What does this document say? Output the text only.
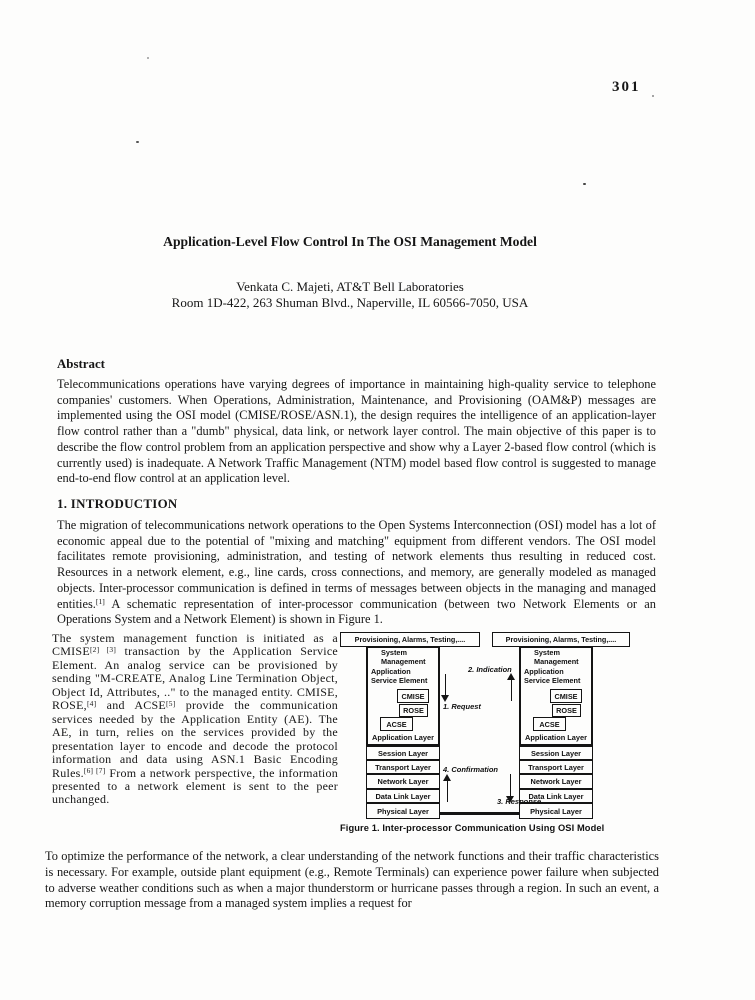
301
Application-Level Flow Control In The OSI Management Model
Venkata C. Majeti, AT&T Bell Laboratories
Room 1D-422, 263 Shuman Blvd., Naperville, IL 60566-7050, USA
Abstract
Telecommunications operations have varying degrees of importance in maintaining high-quality service to telephone companies' customers. When Operations, Administration, Maintenance, and Provisioning (OAM&P) messages are implemented using the OSI model (CMISE/ROSE/ASN.1), the design requires the intelligence of an application-layer flow control rather than a "dumb" physical, data link, or network layer control. The main objective of this paper is to describe the flow control problem from an application perspective and show why a Layer 2-based flow control (which is currently used) is inadequate. A Network Traffic Management (NTM) model based flow control is suggested to manage end-to-end flow control at an application level.
1. INTRODUCTION
The migration of telecommunications network operations to the Open Systems Interconnection (OSI) model has a lot of economic appeal due to the potential of "mixing and matching" equipment from different vendors. The OSI model facilitates remote provisioning, administration, and testing of network elements thus resulting in reduced cost. Resources in a network element, e.g., line cards, cross connections, and memory, are generally modeled as managed objects. Inter-processor communication is defined in terms of messages between objects in the managing and managed entities.[1] A schematic representation of inter-processor communication (between two Network Elements or an Operations System and a Network Element) is shown in Figure 1.
The system management function is initiated as a CMISE[2] [3] transaction by the Application Service Element. An analog service can be provisioned by sending "M-CREATE, Analog Line Termination Object, Object Id, Attributes, .." to the managed entity. CMISE, ROSE,[4] and ACSE[5] provide the communication services needed by the Application Entity (AE). The AE, in turn, relies on the services provided by the presentation layer to encode and decode the protocol information and data using ASN.1 Basic Encoding Rules.[6] [7] From a network perspective, the information presented to a network element is sent to the peer unchanged.
Provisioning, Alarms, Testing,....
System
Management
Application
Service Element
CMISE
ROSE
ACSE
Application Layer
Session Layer
Transport Layer
Network Layer
Data Link Layer
Physical Layer
Provisioning, Alarms, Testing,....
System
Management
Application
Service Element
CMISE
ROSE
ACSE
Application Layer
Session Layer
Transport Layer
Network Layer
Data Link Layer
Physical Layer
2. Indication
1. Request
4. Confirmation
3. Response
Figure 1. Inter-processor Communication Using OSI Model
To optimize the performance of the network, a clear understanding of the network functions and their traffic characteristics is necessary. For example, outside plant equipment (e.g., Remote Terminals) can experience power failure when subjected to adverse weather conditions such as when a major thunderstorm or hurricane passes through a region. In such an event, a memory corruption message from a managed system implies a request for
